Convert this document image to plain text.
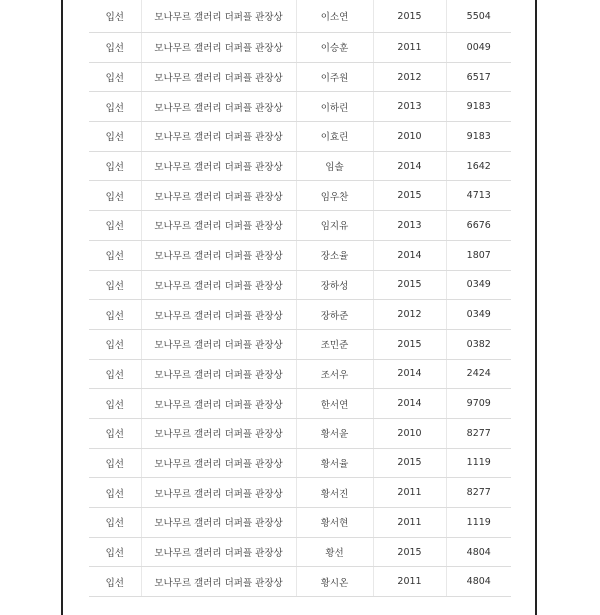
입선	모나무르 갤러리 더퍼플 관장상	이소연	2015	5504
입선	모나무르 갤러리 더퍼플 관장상	이승훈	2011	0049
입선	모나무르 갤러리 더퍼플 관장상	이주원	2012	6517
입선	모나무르 갤러리 더퍼플 관장상	이하린	2013	9183
입선	모나무르 갤러리 더퍼플 관장상	이효린	2010	9183
입선	모나무르 갤러리 더퍼플 관장상	임솔	2014	1642
입선	모나무르 갤러리 더퍼플 관장상	임우찬	2015	4713
입선	모나무르 갤러리 더퍼플 관장상	임지유	2013	6676
입선	모나무르 갤러리 더퍼플 관장상	장소율	2014	1807
입선	모나무르 갤러리 더퍼플 관장상	장하성	2015	0349
입선	모나무르 갤러리 더퍼플 관장상	장하준	2012	0349
입선	모나무르 갤러리 더퍼플 관장상	조민준	2015	0382
입선	모나무르 갤러리 더퍼플 관장상	조서우	2014	2424
입선	모나무르 갤러리 더퍼플 관장상	한서연	2014	9709
입선	모나무르 갤러리 더퍼플 관장상	황서윤	2010	8277
입선	모나무르 갤러리 더퍼플 관장상	황서율	2015	1119
입선	모나무르 갤러리 더퍼플 관장상	황서진	2011	8277
입선	모나무르 갤러리 더퍼플 관장상	황서현	2011	1119
입선	모나무르 갤러리 더퍼플 관장상	황선	2015	4804
입선	모나무르 갤러리 더퍼플 관장상	황시온	2011	4804
